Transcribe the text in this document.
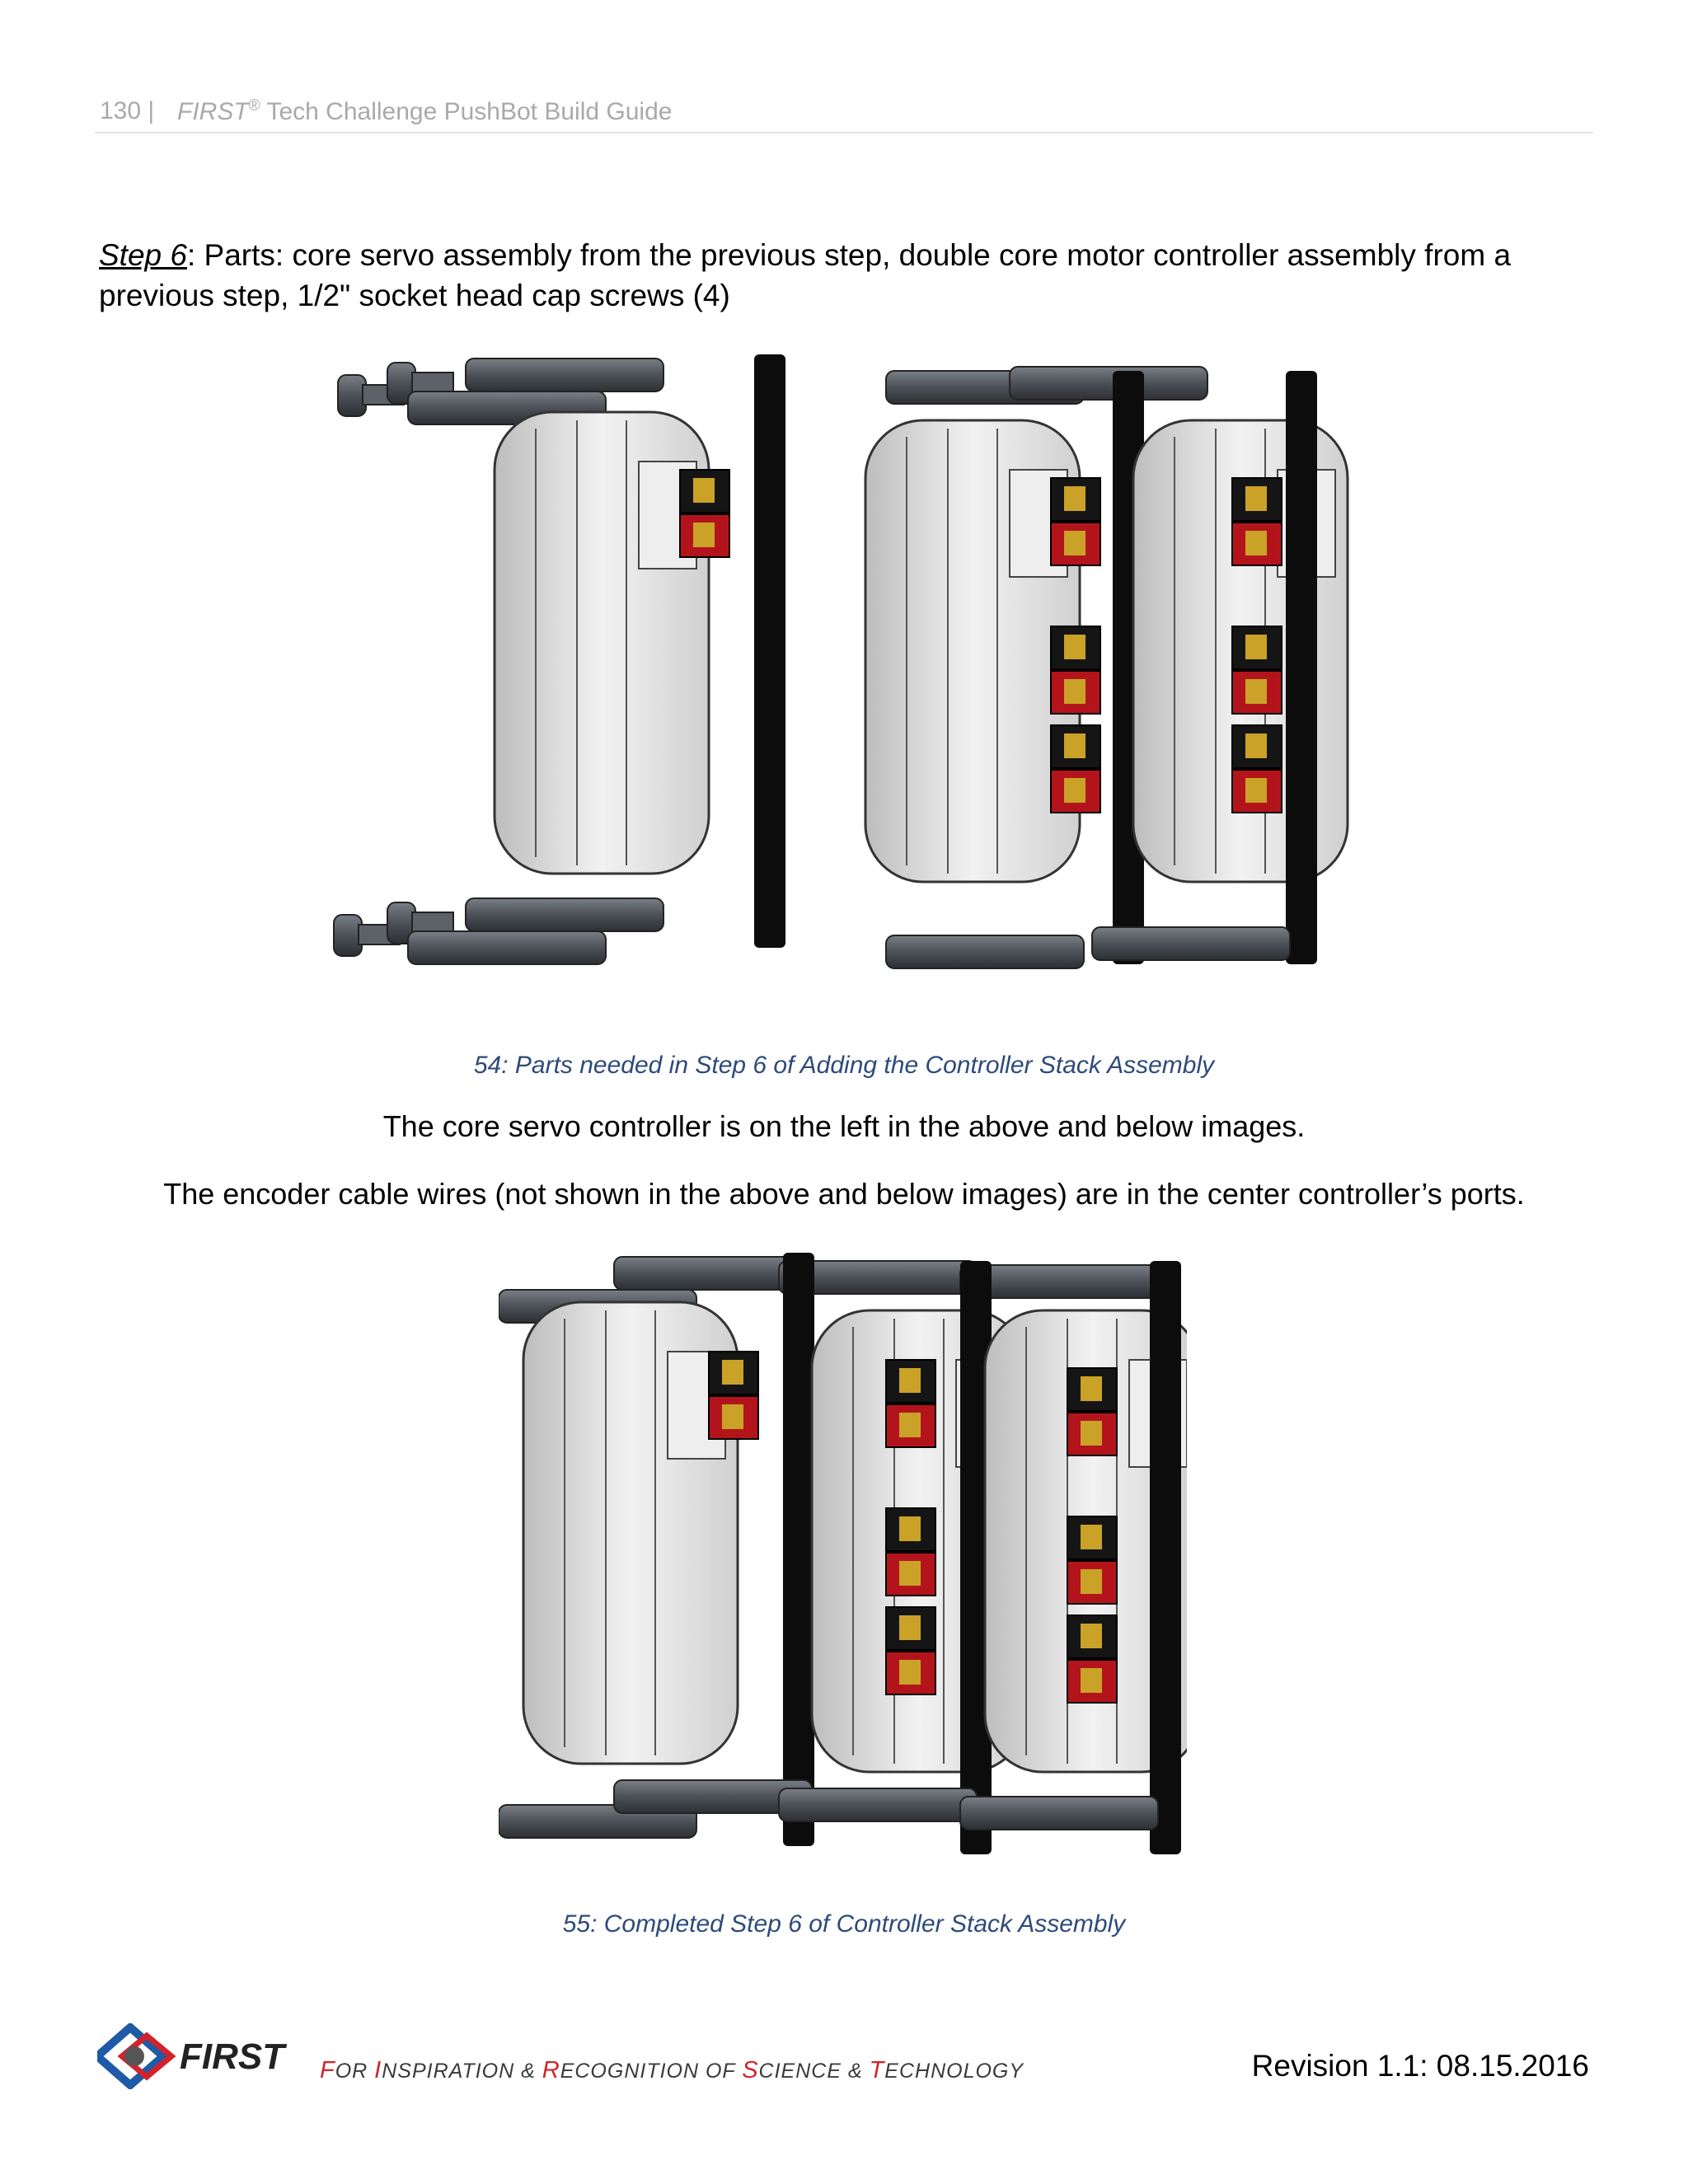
130 | FIRST® Tech Challenge PushBot Build Guide
Step 6: Parts: core servo assembly from the previous step, double core motor controller assembly from a previous step, 1/2" socket head cap screws (4)
54: Parts needed in Step 6 of Adding the Controller Stack Assembly
The core servo controller is on the left in the above and below images.
The encoder cable wires (not shown in the above and below images) are in the center controller’s ports.
55: Completed Step 6 of Controller Stack Assembly
FIRST FOR INSPIRATION & RECOGNITION OF SCIENCE & TECHNOLOGY	Revision 1.1: 08.15.2016
